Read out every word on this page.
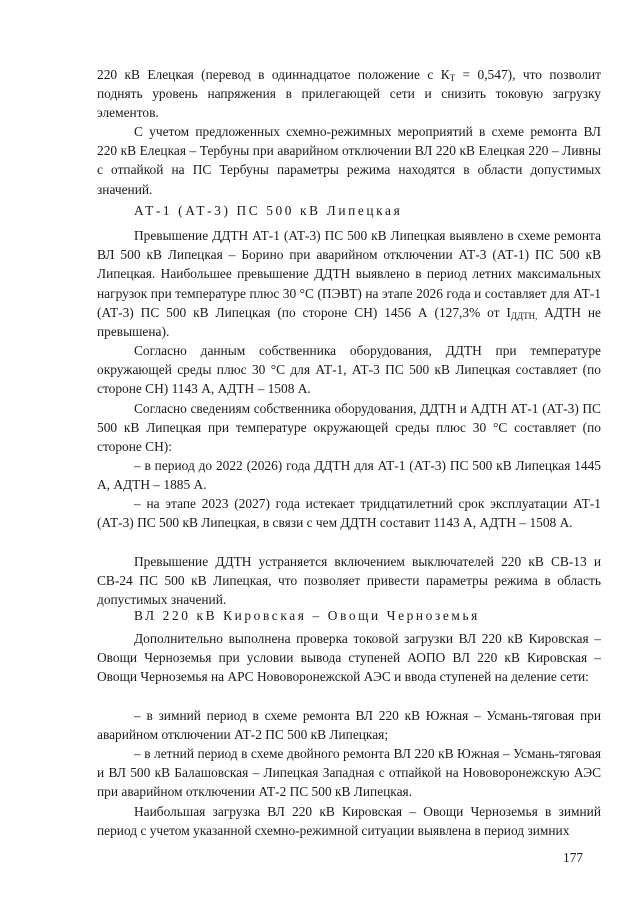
220 кВ Елецкая (перевод в одиннадцатое положение с $К_Т = 0,547$), что позволит поднять уровень напряжения в прилегающей сети и снизить токовую загрузку элементов.

С учетом предложенных схемно-режимных мероприятий в схеме ремонта ВЛ 220 кВ Елецкая – Тербуны при аварийном отключении ВЛ 220 кВ Елецкая 220 – Ливны с отпайкой на ПС Тербуны параметры режима находятся в области допустимых значений.

АТ-1 (АТ-3) ПС 500 кВ Липецкая

Превышение ДДТН АТ-1 (АТ-3) ПС 500 кВ Липецкая выявлено в схеме ремонта ВЛ 500 кВ Липецкая – Борино при аварийном отключении АТ-3 (АТ-1) ПС 500 кВ Липецкая. Наибольшее превышение ДДТН выявлено в период летних максимальных нагрузок при температуре плюс 30 °С (ПЭВТ) на этапе 2026 года и составляет для АТ-1 (АТ-3) ПС 500 кВ Липецкая (по стороне СН) 1456 А (127,3% от $I_{ДДТН,}$ АДТН не превышена).

Согласно данным собственника оборудования, ДДТН при температуре окружающей среды плюс 30 °С для АТ-1, АТ-3 ПС 500 кВ Липецкая составляет (по стороне СН) 1143 А, АДТН – 1508 А.

Согласно сведениям собственника оборудования, ДДТН и АДТН АТ-1 (АТ-3) ПС 500 кВ Липецкая при температуре окружающей среды плюс 30 °С составляет (по стороне СН):

– в период до 2022 (2026) года ДДТН для АТ-1 (АТ-3) ПС 500 кВ Липецкая 1445 А, АДТН – 1885 А.

– на этапе 2023 (2027) года истекает тридцатилетний срок эксплуатации АТ-1 (АТ-3) ПС 500 кВ Липецкая, в связи с чем ДДТН составит 1143 А, АДТН – 1508 А.

Превышение ДДТН устраняется включением выключателей 220 кВ СВ-13 и СВ-24 ПС 500 кВ Липецкая, что позволяет привести параметры режима в область допустимых значений.

ВЛ 220 кВ Кировская – Овощи Черноземья

Дополнительно выполнена проверка токовой загрузки ВЛ 220 кВ Кировская – Овощи Черноземья при условии вывода ступеней АОПО ВЛ 220 кВ Кировская – Овощи Черноземья на АРС Нововоронежской АЭС и ввода ступеней на деление сети:

– в зимний период в схеме ремонта ВЛ 220 кВ Южная – Усмань-тяговая при аварийном отключении АТ-2 ПС 500 кВ Липецкая;

– в летний период в схеме двойного ремонта ВЛ 220 кВ Южная – Усмань-тяговая и ВЛ 500 кВ Балашовская – Липецкая Западная с отпайкой на Нововоронежскую АЭС при аварийном отключении АТ-2 ПС 500 кВ Липецкая.

Наибольшая загрузка ВЛ 220 кВ Кировская – Овощи Черноземья в зимний период с учетом указанной схемно-режимной ситуации выявлена в период зимних

177
